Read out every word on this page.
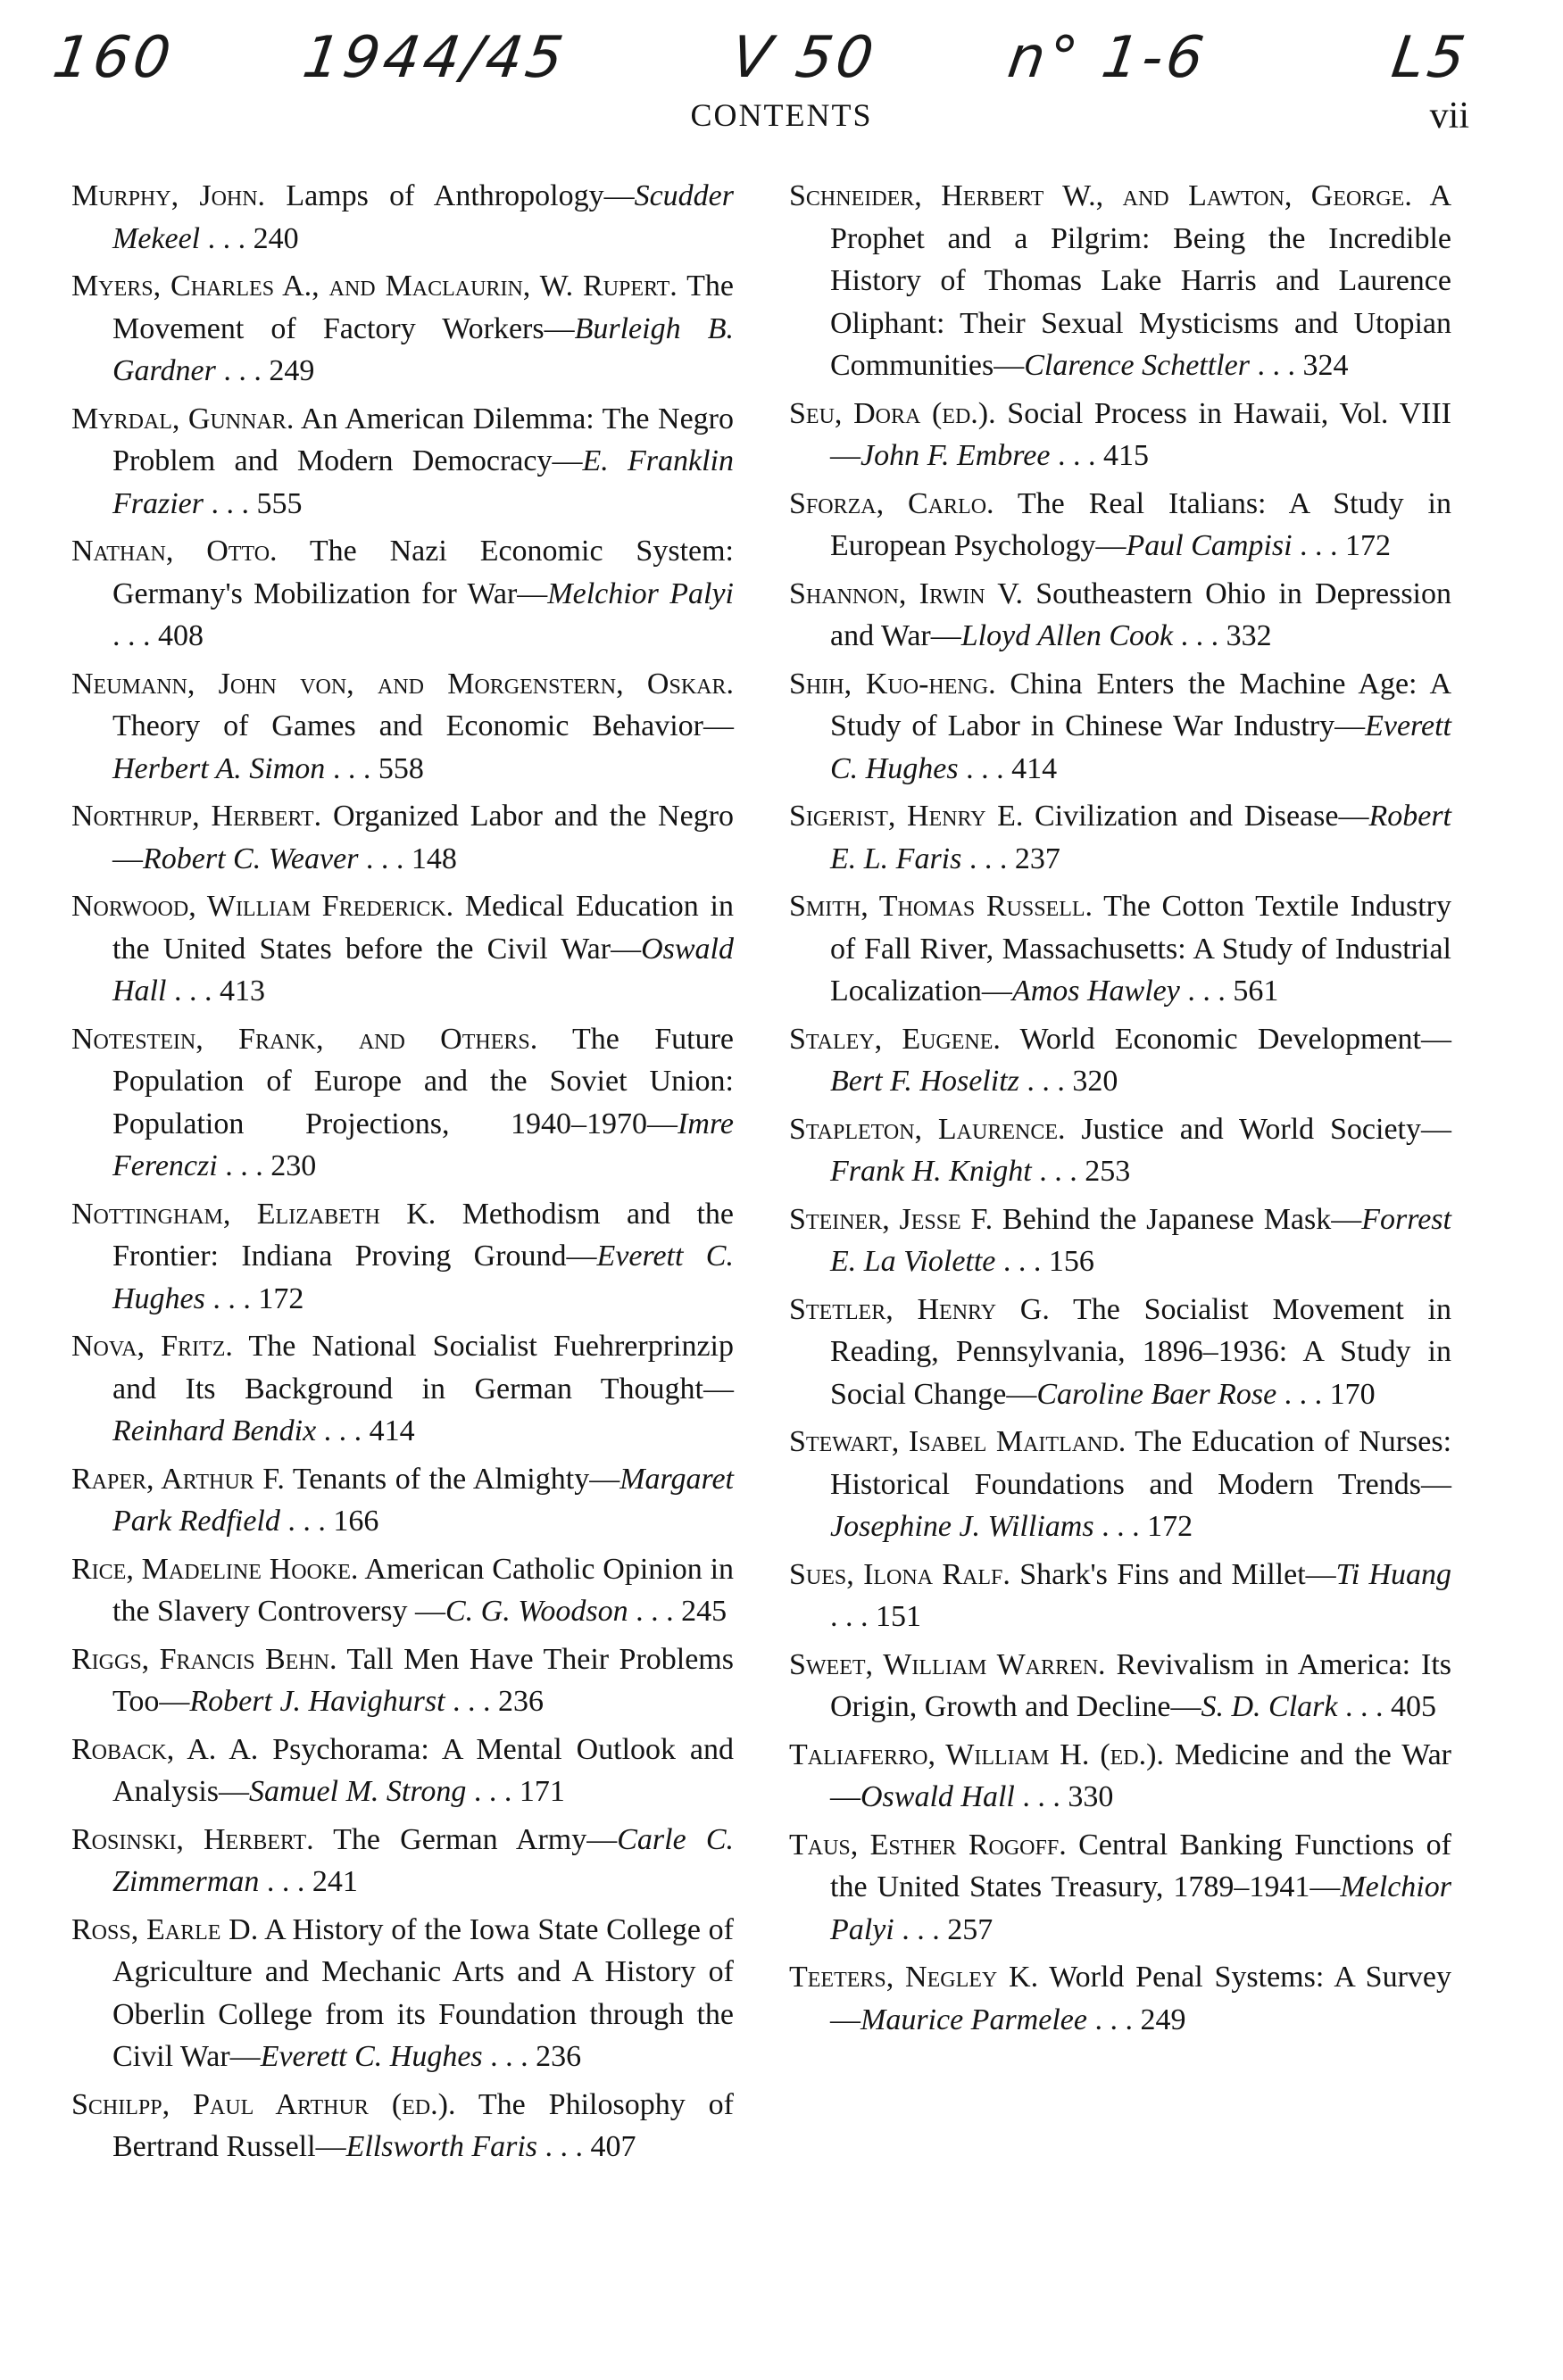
160 1944/45	V 50 n° 1-6	L5
CONTENTS	vii
Murphy, John. Lamps of Anthropology—Scudder Mekeel . . . 240
Myers, Charles A., and Maclaurin, W. Rupert. The Movement of Factory Workers—Burleigh B. Gardner . . . 249
Myrdal, Gunnar. An American Dilemma: The Negro Problem and Modern Democracy—E. Franklin Frazier . . . 555
Nathan, Otto. The Nazi Economic System: Germany's Mobilization for War—Melchior Palyi . . . 408
Neumann, John von, and Morgenstern, Oskar. Theory of Games and Economic Behavior—Herbert A. Simon . . . 558
Northrup, Herbert. Organized Labor and the Negro—Robert C. Weaver . . . 148
Norwood, William Frederick. Medical Education in the United States before the Civil War—Oswald Hall . . . 413
Notestein, Frank, and Others. The Future Population of Europe and the Soviet Union: Population Projections, 1940–1970—Imre Ferenczi . . . 230
Nottingham, Elizabeth K. Methodism and the Frontier: Indiana Proving Ground—Everett C. Hughes . . . 172
Nova, Fritz. The National Socialist Fuehrerprinzip and Its Background in German Thought—Reinhard Bendix . . . 414
Raper, Arthur F. Tenants of the Almighty—Margaret Park Redfield . . . 166
Rice, Madeline Hooke. American Catholic Opinion in the Slavery Controversy —C. G. Woodson . . . 245
Riggs, Francis Behn. Tall Men Have Their Problems Too—Robert J. Havighurst . . . 236
Roback, A. A. Psychorama: A Mental Outlook and Analysis—Samuel M. Strong . . . 171
Rosinski, Herbert. The German Army—Carle C. Zimmerman . . . 241
Ross, Earle D. A History of the Iowa State College of Agriculture and Mechanic Arts and A History of Oberlin College from its Foundation through the Civil War—Everett C. Hughes . . . 236
Schilpp, Paul Arthur (ed.). The Philosophy of Bertrand Russell—Ellsworth Faris . . . 407
Schneider, Herbert W., and Lawton, George. A Prophet and a Pilgrim: Being the Incredible History of Thomas Lake Harris and Laurence Oliphant: Their Sexual Mysticisms and Utopian Communities—Clarence Schettler . . . 324
Seu, Dora (ed.). Social Process in Hawaii, Vol. VIII—John F. Embree . . . 415
Sforza, Carlo. The Real Italians: A Study in European Psychology—Paul Campisi . . . 172
Shannon, Irwin V. Southeastern Ohio in Depression and War—Lloyd Allen Cook . . . 332
Shih, Kuo-heng. China Enters the Machine Age: A Study of Labor in Chinese War Industry—Everett C. Hughes . . . 414
Sigerist, Henry E. Civilization and Disease—Robert E. L. Faris . . . 237
Smith, Thomas Russell. The Cotton Textile Industry of Fall River, Massachusetts: A Study of Industrial Localization—Amos Hawley . . . 561
Staley, Eugene. World Economic Development—Bert F. Hoselitz . . . 320
Stapleton, Laurence. Justice and World Society—Frank H. Knight . . . 253
Steiner, Jesse F. Behind the Japanese Mask—Forrest E. La Violette . . . 156
Stetler, Henry G. The Socialist Movement in Reading, Pennsylvania, 1896–1936: A Study in Social Change—Caroline Baer Rose . . . 170
Stewart, Isabel Maitland. The Education of Nurses: Historical Foundations and Modern Trends—Josephine J. Williams . . . 172
Sues, Ilona Ralf. Shark's Fins and Millet—Ti Huang . . . 151
Sweet, William Warren. Revivalism in America: Its Origin, Growth and Decline—S. D. Clark . . . 405
Taliaferro, William H. (ed.). Medicine and the War—Oswald Hall . . . 330
Taus, Esther Rogoff. Central Banking Functions of the United States Treasury, 1789–1941—Melchior Palyi . . . 257
Teeters, Negley K. World Penal Systems: A Survey—Maurice Parmelee . . . 249
